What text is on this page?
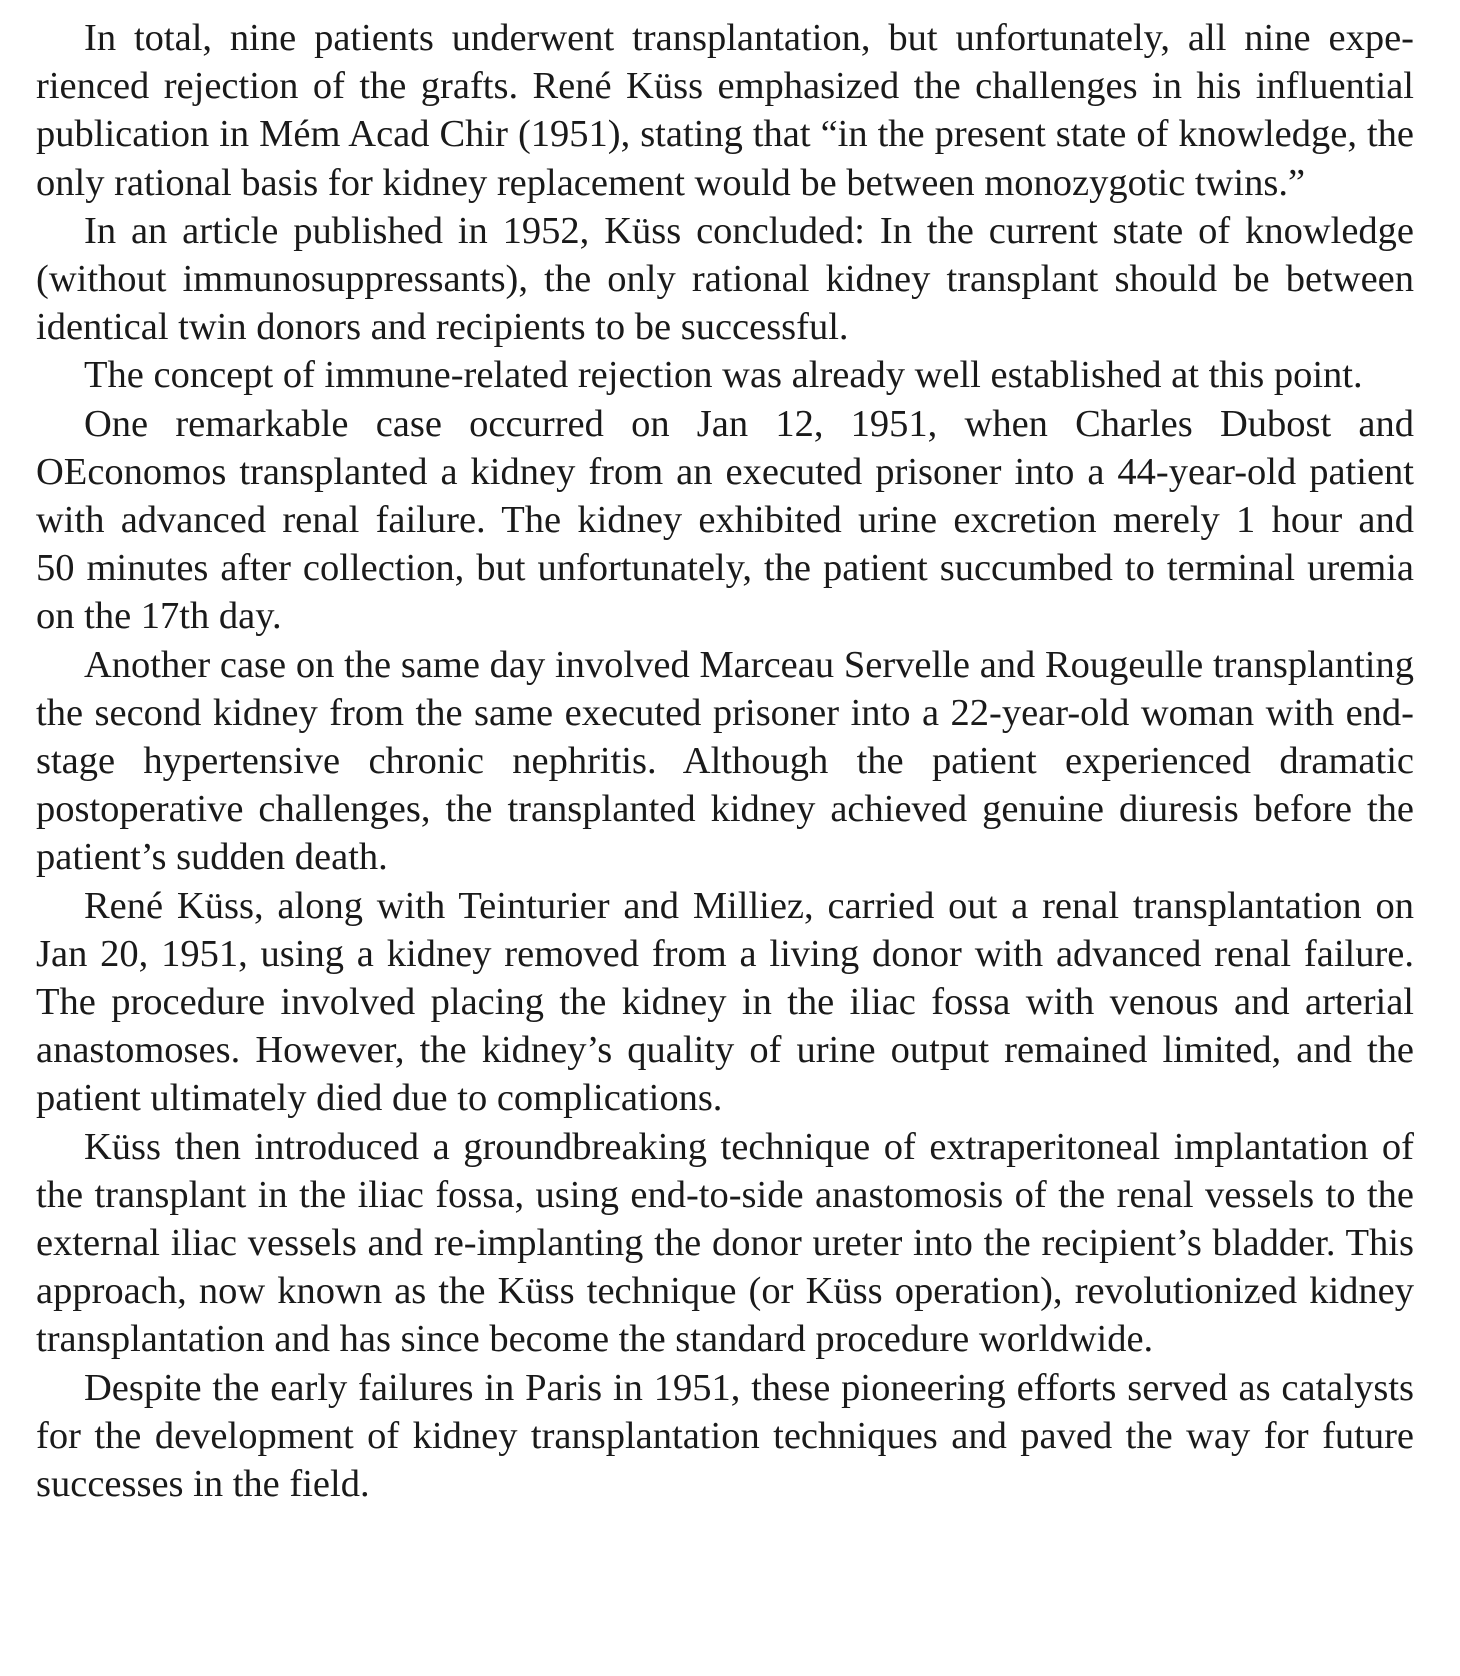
In total, nine patients underwent transplantation, but unfortunately, all nine experienced rejection of the grafts. René Küss emphasized the challenges in his influential publication in Mém Acad Chir (1951), stating that “in the present state of knowledge, the only rational basis for kidney replacement would be between monozygotic twins.”

In an article published in 1952, Küss concluded: In the current state of knowledge (without immunosuppressants), the only rational kidney transplant should be between identical twin donors and recipients to be successful.

The concept of immune-related rejection was already well established at this point.

One remarkable case occurred on Jan 12, 1951, when Charles Dubost and OEconomos transplanted a kidney from an executed prisoner into a 44-year-old patient with advanced renal failure. The kidney exhibited urine excretion merely 1 hour and 50 minutes after collection, but unfortunately, the patient succumbed to terminal uremia on the 17th day.

Another case on the same day involved Marceau Servelle and Rougeulle transplanting the second kidney from the same executed prisoner into a 22-year-old woman with end-stage hypertensive chronic nephritis. Although the patient experienced dramatic postoperative challenges, the transplanted kidney achieved genuine diuresis before the patient’s sudden death.

René Küss, along with Teinturier and Milliez, carried out a renal transplantation on Jan 20, 1951, using a kidney removed from a living donor with advanced renal failure. The procedure involved placing the kidney in the iliac fossa with venous and arterial anastomoses. However, the kidney’s quality of urine output remained limited, and the patient ultimately died due to complications.

Küss then introduced a groundbreaking technique of extraperitoneal implantation of the transplant in the iliac fossa, using end-to-side anastomosis of the renal vessels to the external iliac vessels and re-implanting the donor ureter into the recipient’s bladder. This approach, now known as the Küss technique (or Küss operation), revolutionized kidney transplantation and has since become the standard procedure worldwide.

Despite the early failures in Paris in 1951, these pioneering efforts served as catalysts for the development of kidney transplantation techniques and paved the way for future successes in the field.
